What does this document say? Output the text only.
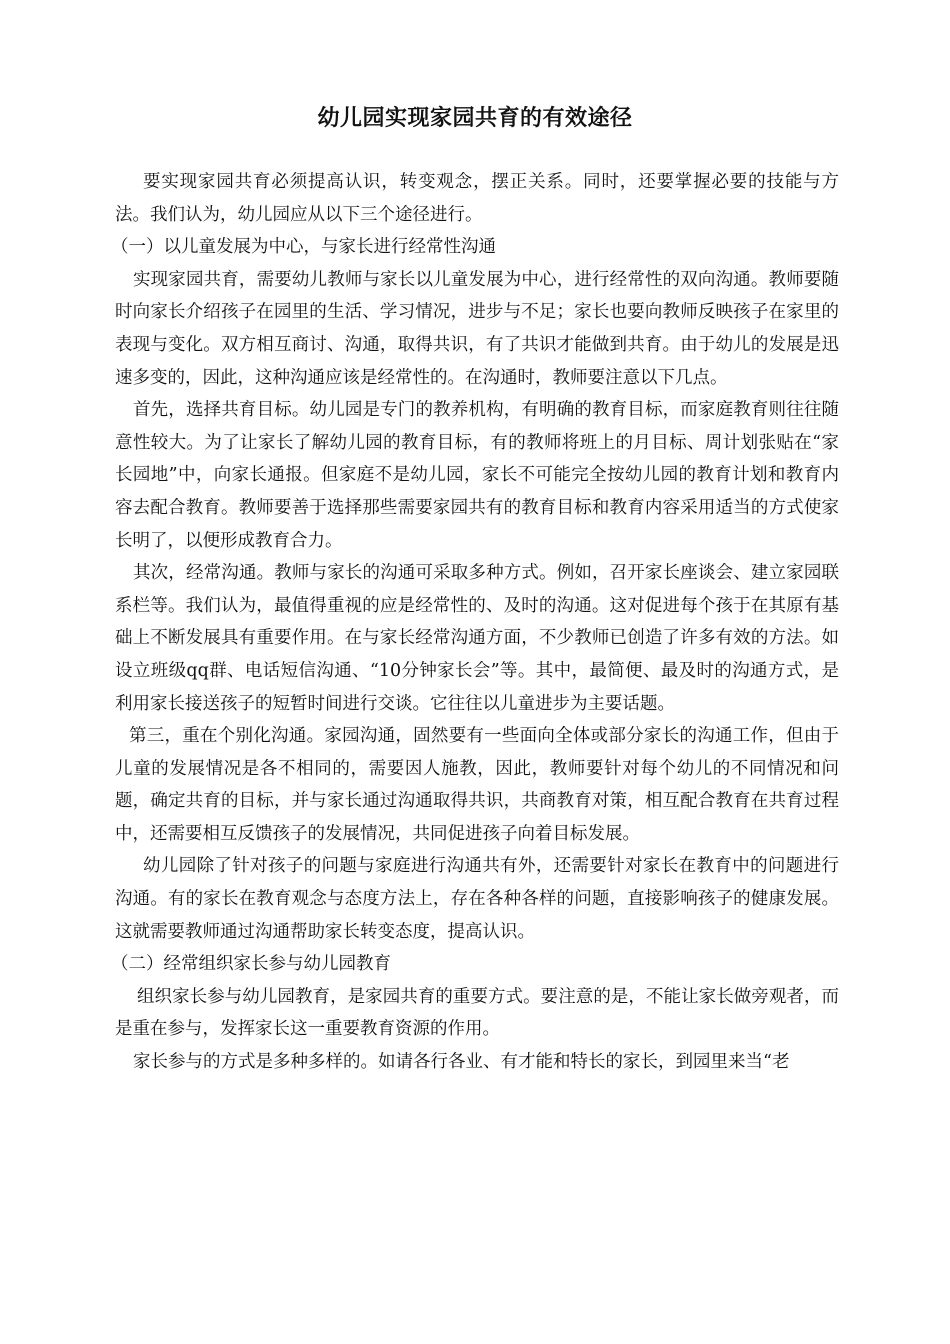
幼儿园实现家园共育的有效途径

要实现家园共育必须提高认识，转变观念，摆正关系。同时，还要掌握必要的技能与方法。我们认为，幼儿园应从以下三个途径进行。

（一）以儿童发展为中心，与家长进行经常性沟通

实现家园共育，需要幼儿教师与家长以儿童发展为中心，进行经常性的双向沟通。教师要随时向家长介绍孩子在园里的生活、学习情况，进步与不足；家长也要向教师反映孩子在家里的表现与变化。双方相互商讨、沟通，取得共识，有了共识才能做到共育。由于幼儿的发展是迅速多变的，因此，这种沟通应该是经常性的。在沟通时，教师要注意以下几点。

首先，选择共育目标。幼儿园是专门的教养机构，有明确的教育目标，而家庭教育则往往随意性较大。为了让家长了解幼儿园的教育目标，有的教师将班上的月目标、周计划张贴在“家长园地”中，向家长通报。但家庭不是幼儿园，家长不可能完全按幼儿园的教育计划和教育内容去配合教育。教师要善于选择那些需要家园共有的教育目标和教育内容采用适当的方式使家长明了，以便形成教育合力。

其次，经常沟通。教师与家长的沟通可采取多种方式。例如，召开家长座谈会、建立家园联系栏等。我们认为，最值得重视的应是经常性的、及时的沟通。这对促进每个孩于在其原有基础上不断发展具有重要作用。在与家长经常沟通方面，不少教师已创造了许多有效的方法。如设立班级qq群、电话短信沟通、“10分钟家长会”等。其中，最简便、最及时的沟通方式，是利用家长接送孩子的短暂时间进行交谈。它往往以儿童进步为主要话题。

第三，重在个别化沟通。家园沟通，固然要有一些面向全体或部分家长的沟通工作，但由于儿童的发展情况是各不相同的，需要因人施教，因此，教师要针对每个幼儿的不同情况和问题，确定共育的目标，并与家长通过沟通取得共识，共商教育对策，相互配合教育在共育过程中，还需要相互反馈孩子的发展情况，共同促进孩子向着目标发展。

幼儿园除了针对孩子的问题与家庭进行沟通共有外，还需要针对家长在教育中的问题进行沟通。有的家长在教育观念与态度方法上，存在各种各样的问题，直接影响孩子的健康发展。这就需要教师通过沟通帮助家长转变态度，提高认识。

（二）经常组织家长参与幼儿园教育

组织家长参与幼儿园教育，是家园共育的重要方式。要注意的是，不能让家长做旁观者，而是重在参与，发挥家长这一重要教育资源的作用。

家长参与的方式是多种多样的。如请各行各业、有才能和特长的家长，到园里来当“老
